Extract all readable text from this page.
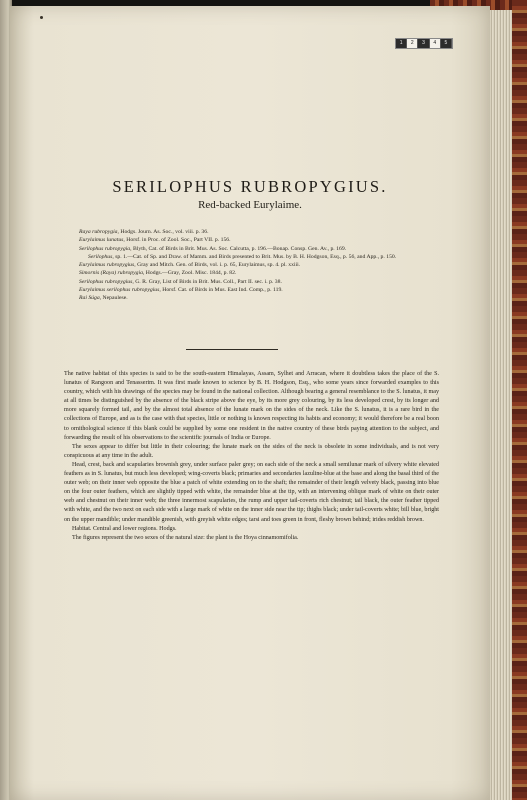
1	2	3	4	5
SERILOPHUS RUBROPYGIUS.
Red-backed Eurylaime.

Raya rubropygia, Hodgs. Journ. As. Soc., vol. viii. p. 36.

Eurylaimus lunatus, Horsf. in Proc. of Zool. Soc., Part VII. p. 156.

Serilophus rubropygia, Blyth, Cat. of Birds in Brit. Mus. As. Soc. Calcutta, p. 196.—Bonap. Consp. Gen. Av., p. 169.

Serilophus, sp. 1.—Cat. of Sp. and Draw. of Mamm. and Birds presented to Brit. Mus. by B. H. Hodgson, Esq., p. 56, and App., p. 150.

Eurylaimus rubropygius, Gray and Mitch. Gen. of Birds, vol. i. p. 65, Eurylaimus, sp. 4. pl. xxiii.

Simornis (Raya) rubropygia, Hodgs.—Gray, Zool. Misc. 1844, p. 82.

Serilophus rubropygius, G. R. Gray, List of Birds in Brit. Mus. Coll., Part II. sec. i. p. 38.

Eurylaimus serilophus rubropygius, Horsf. Cat. of Birds in Mus. East Ind. Comp., p. 119.

Rai Súga, Nepaulese.

The native habitat of this species is said to be the south-eastern Himalayas, Assam, Sylhet and Arracan, where it doubtless takes the place of the S. lunatus of Rangoon and Tenasserim. It was first made known to science by B. H. Hodgson, Esq., who some years since forwarded examples to this country, which with his drawings of the species may be found in the national collection. Although bearing a general resemblance to the S. lunatus, it may at all times be distinguished by the absence of the black stripe above the eye, by its more grey colouring, by its less developed crest, by its longer and more squarely formed tail, and by the almost total absence of the lunate mark on the sides of the neck. Like the S. lunatus, it is a rare bird in the collections of Europe, and as is the case with that species, little or nothing is known respecting its habits and economy; it would therefore be a real boon to ornithological science if this blank could be supplied by some one resident in the native country of these birds paying attention to the subject, and forwarding the result of his observations to the scientific journals of India or Europe.

The sexes appear to differ but little in their colouring; the lunate mark on the sides of the neck is obsolete in some individuals, and is not very conspicuous at any time in the adult.

Head, crest, back and scapularies brownish grey, under surface paler grey; on each side of the neck a small semilunar mark of silvery white elevated feathers as in S. lunatus, but much less developed; wing-coverts black; primaries and secondaries lazuline-blue at the base and along the basal third of the outer web; on their inner web opposite the blue a patch of white extending on to the shaft; the remainder of their length velvety black, passing into blue on the four outer feathers, which are slightly tipped with white, the remainder blue at the tip, with an intervening oblique mark of white on their outer web and chestnut on their inner web; the three innermost scapularies, the rump and upper tail-coverts rich chestnut; tail black, the outer feather tipped with white, and the two next on each side with a large mark of white on the inner side near the tip; thighs black; under tail-coverts white; bill blue, bright on the upper mandible; under mandible greenish, with greyish white edges; tarsi and toes green in front, fleshy brown behind; irides reddish brown.

Habitat. Central and lower regions. Hodgs.

The figures represent the two sexes of the natural size: the plant is the Hoya cinnamomifolia.
